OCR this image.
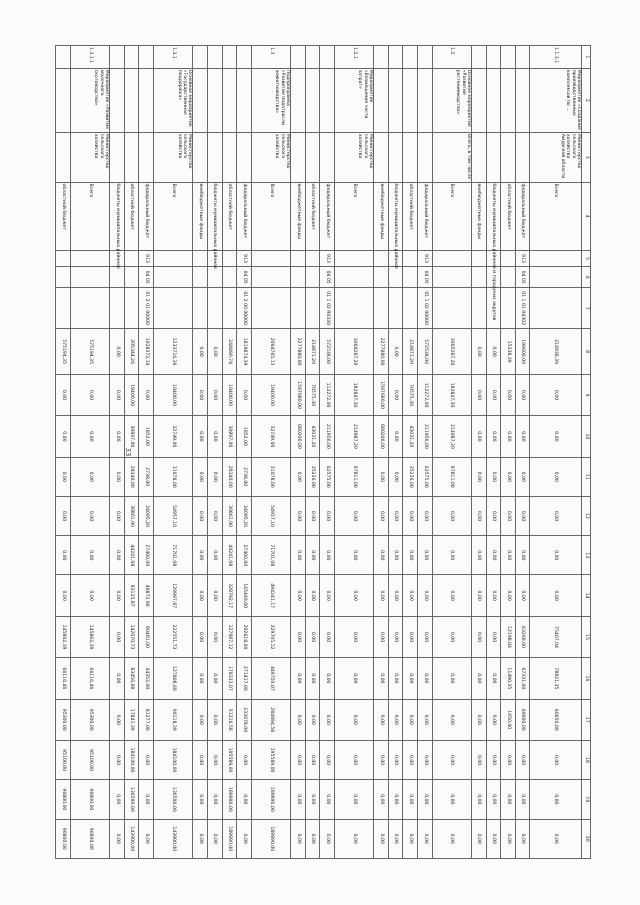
33
1	2	3	4	5	6	7	8	9	10	11	12	13	14	15	16	17	18	19	20
1.1.3.1	Мероприятие «Создание производственных комплексов по ...	Министерство сельского хозяйства Амурской области	Всего				214938,39	0,00	0,00	0,00	0,00	0,00	0,00	75467,04	78821,35	60650,00	0,00	0,00	0,00
			федеральный бюджет	913	04 05	01 1 01 R4302	199600,00	0,00	0,00	0,00	0,00	0,00	0,00	63269,00	67331,00	69000,00	0,00	0,00	0,00
			областной бюджет				15338,39	0,00	0,00	0,00	0,00	0,00	0,00	12198,04	11490,35	1650,00	0,00	0,00	0,00
			бюджеты муниципальных районов и городских округов				0,00	0,00	0,00	0,00	0,00	0,00	0,00	0,00	0,00	0,00	0,00	0,00	0,00
			внебюджетные фонды				0,00	0,00	0,00	0,00	0,00	0,00	0,00	0,00	0,00	0,00	0,00	0,00	0,00
1.2	Основное мероприятие «Развитие растениеводства»	Всего, в том числе	Всего				3065287,20	182847,30	214987,20	97811,00	0,00	0,00	0,00	0,00	0,00	0,00	0,00	0,00	0,00
			федеральный бюджет	913	04 05	01 1 02 00000	572538,00	112272,00	211956,00	62575,00	0,00	0,00	0,00	0,00	0,00	0,00	0,00	0,00	0,00
			областной бюджет				214871,20	70575,30	43031,20	35236,00	0,00	0,00	0,00	0,00	0,00	0,00	0,00	0,00	0,00
			бюджеты муниципальных районов				0,00	0,00	0,00	0,00	0,00	0,00	0,00	0,00	0,00	0,00	0,00	0,00	0,00
			внебюджетные фонды				2277880,00	1597680,00	680200,00	0,00	0,00	0,00	0,00	0,00	0,00	0,00	0,00	0,00	0,00
1.2.1	Мероприятие «Возмещение части затрат»	Министерство сельского хозяйства	Всего				3064287,20	182847,30	214987,20	97811,00	0,00	0,00	0,00	0,00	0,00	0,00	0,00	0,00	0,00
			федеральный бюджет	913	04 05	01 1 02 R0330	572538,00	112272,00	211956,00	62575,00	0,00	0,00	0,00	0,00	0,00	0,00	0,00	0,00	0,00
			областной бюджет				214871,20	70575,30	43031,20	35236,00	0,00	0,00	0,00	0,00	0,00	0,00	0,00	0,00	0,00
			внебюджетные фонды				2277880,00	1597680,00	680200,00	0,00	0,00	0,00	0,00	0,00	0,00	0,00	0,00	0,00	0,00
1.3	Подпрограмма «Развитие подотрасли животноводства»	Министерство сельского хозяйства	Всего				2064765,13	19400,00	32749,00	31078,00	54957,10	71701,08	494241,17	329705,12	449750,07	284894,58	195589,00	189890,00	189890,00
			федеральный бюджет	913	04 05	01 2 00 00000	1819874,39	0,00	1852,00	2738,00	24095,20	27460,00	165449,00	202618,00	271417,00	233678,00	0,00	0,00	0,00
			областной бюджет				244890,74	19400,00	30897,00	28340,00	30861,90	44241,08	328792,17	127087,12	178333,07	51216,58	195589,00	189890,00	189890,00
			бюджеты муниципальных районов				0,00	0,00	0,00	0,00	0,00	0,00	0,00	0,00	0,00	0,00	0,00	0,00	0,00
			внебюджетные фонды				0,00	0,00	0,00	0,00	0,00	0,00	0,00	0,00	0,00	0,00	0,00	0,00	0,00
1.3.1	Основное мероприятие «Государственная поддержка»	Министерство сельского хозяйства	Всего				1233716,36	19400,00	32749,00	31078,00	54957,10	71701,08	129997,87	222551,73	127808,68	99118,39	184100,00	136590,00	143900,00
			федеральный бюджет	913	04 05	01 2 01 00000	1028372,10	0,00	1852,00	2738,00	24095,20	27460,00	46872,00	80481,00	44352,00	81277,00	0,00	0,00	0,00
			областной бюджет				205344,26	19400,00	30897,00	28340,00	30861,90	44241,08	83125,87	142070,73	83456,68	17841,39	184100,00	136590,00	143900,00
			бюджеты муниципальных районов				0,00	0,00	0,00	0,00	0,00	0,00	0,00	0,00	0,00	0,00	0,00	0,00	0,00
1.3.1.1	Мероприятие «Развитие молочного скотоводства»	Министерство сельского хозяйства	Всего				575194,35	0,00	0,00	0,00	0,00	0,00	0,00	145862,39	66116,46	95300,00	95100,00	96800,00	96800,00
			областной бюджет				575194,35	0,00	0,00	0,00	0,00	0,00	0,00	145862,39	66116,46	95300,00	95100,00	96800,00	96800,00
